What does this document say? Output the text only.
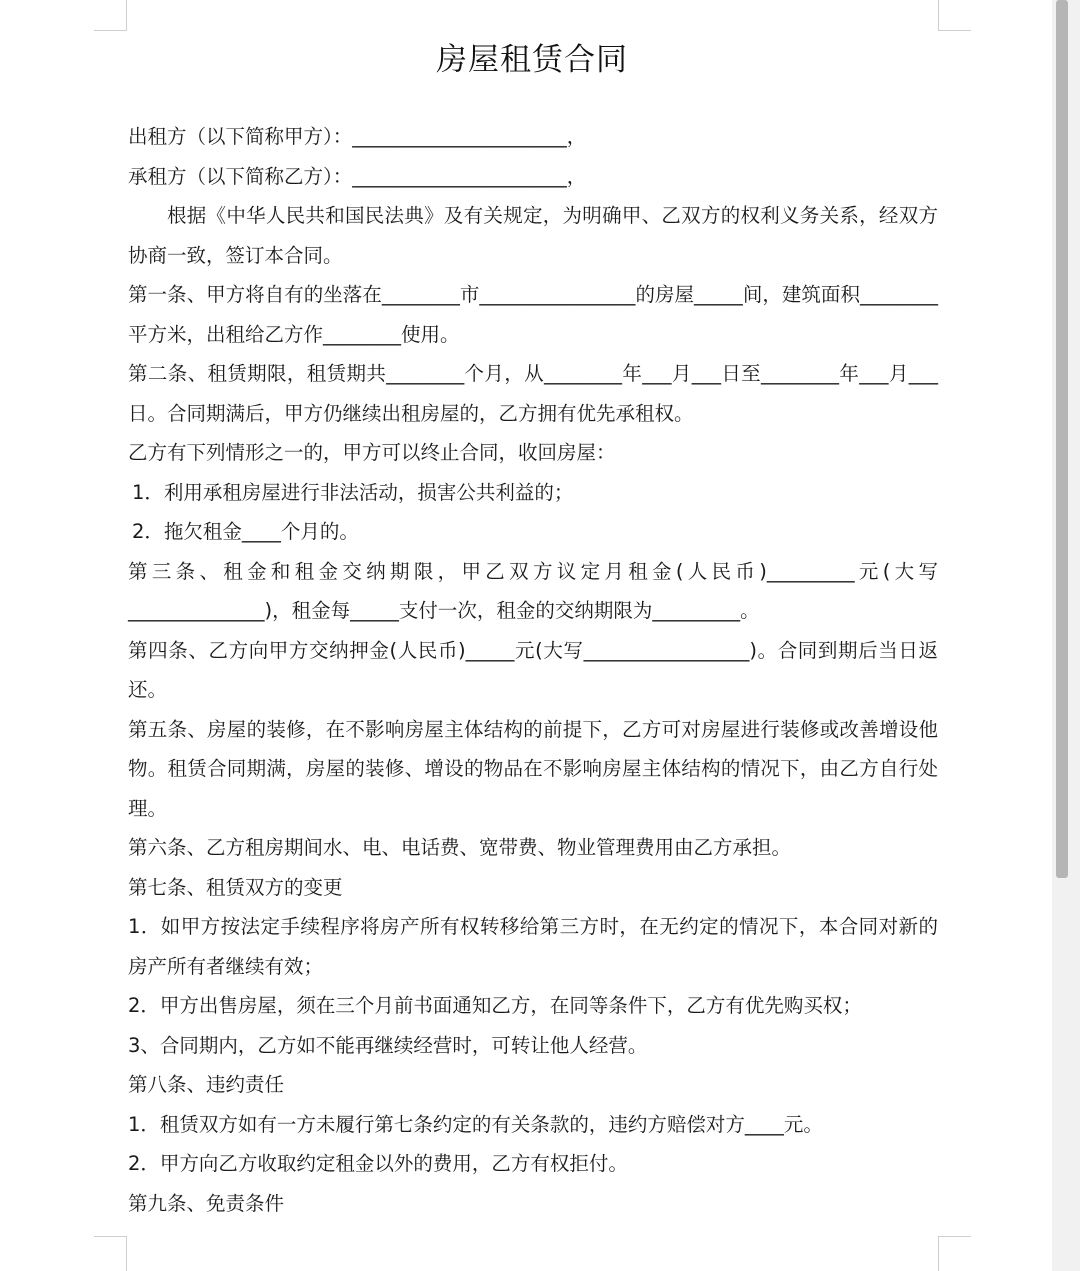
房屋租赁合同

出租方（以下简称甲方）：______________________，

承租方（以下简称乙方）：______________________，

根据《中华人民共和国民法典》及有关规定，为明确甲、乙双方的权利义务关系，经双方协商一致，签订本合同。

第一条、甲方将自有的坐落在________市________________的房屋_____间，建筑面积________平方米，出租给乙方作________使用。

第二条、租赁期限，租赁期共________个月，从________年___月___日至________年___月___日。合同期满后，甲方仍继续出租房屋的，乙方拥有优先承租权。

乙方有下列情形之一的，甲方可以终止合同，收回房屋：

1．利用承租房屋进行非法活动，损害公共利益的；

2．拖欠租金____个月的。

第三条、租金和租金交纳期限，甲乙双方议定月租金(人民币)_________元(大写______________)，租金每_____支付一次，租金的交纳期限为_________。

第四条、乙方向甲方交纳押金(人民币)_____元(大写_________________)。合同到期后当日返还。

第五条、房屋的装修，在不影响房屋主体结构的前提下，乙方可对房屋进行装修或改善增设他物。租赁合同期满，房屋的装修、增设的物品在不影响房屋主体结构的情况下，由乙方自行处理。

第六条、乙方租房期间水、电、电话费、宽带费、物业管理费用由乙方承担。

第七条、租赁双方的变更

1．如甲方按法定手续程序将房产所有权转移给第三方时，在无约定的情况下，本合同对新的房产所有者继续有效；

2．甲方出售房屋，须在三个月前书面通知乙方，在同等条件下，乙方有优先购买权；

3、合同期内，乙方如不能再继续经营时，可转让他人经营。

第八条、违约责任

1．租赁双方如有一方未履行第七条约定的有关条款的，违约方赔偿对方____元。

2．甲方向乙方收取约定租金以外的费用，乙方有权拒付。

第九条、免责条件
